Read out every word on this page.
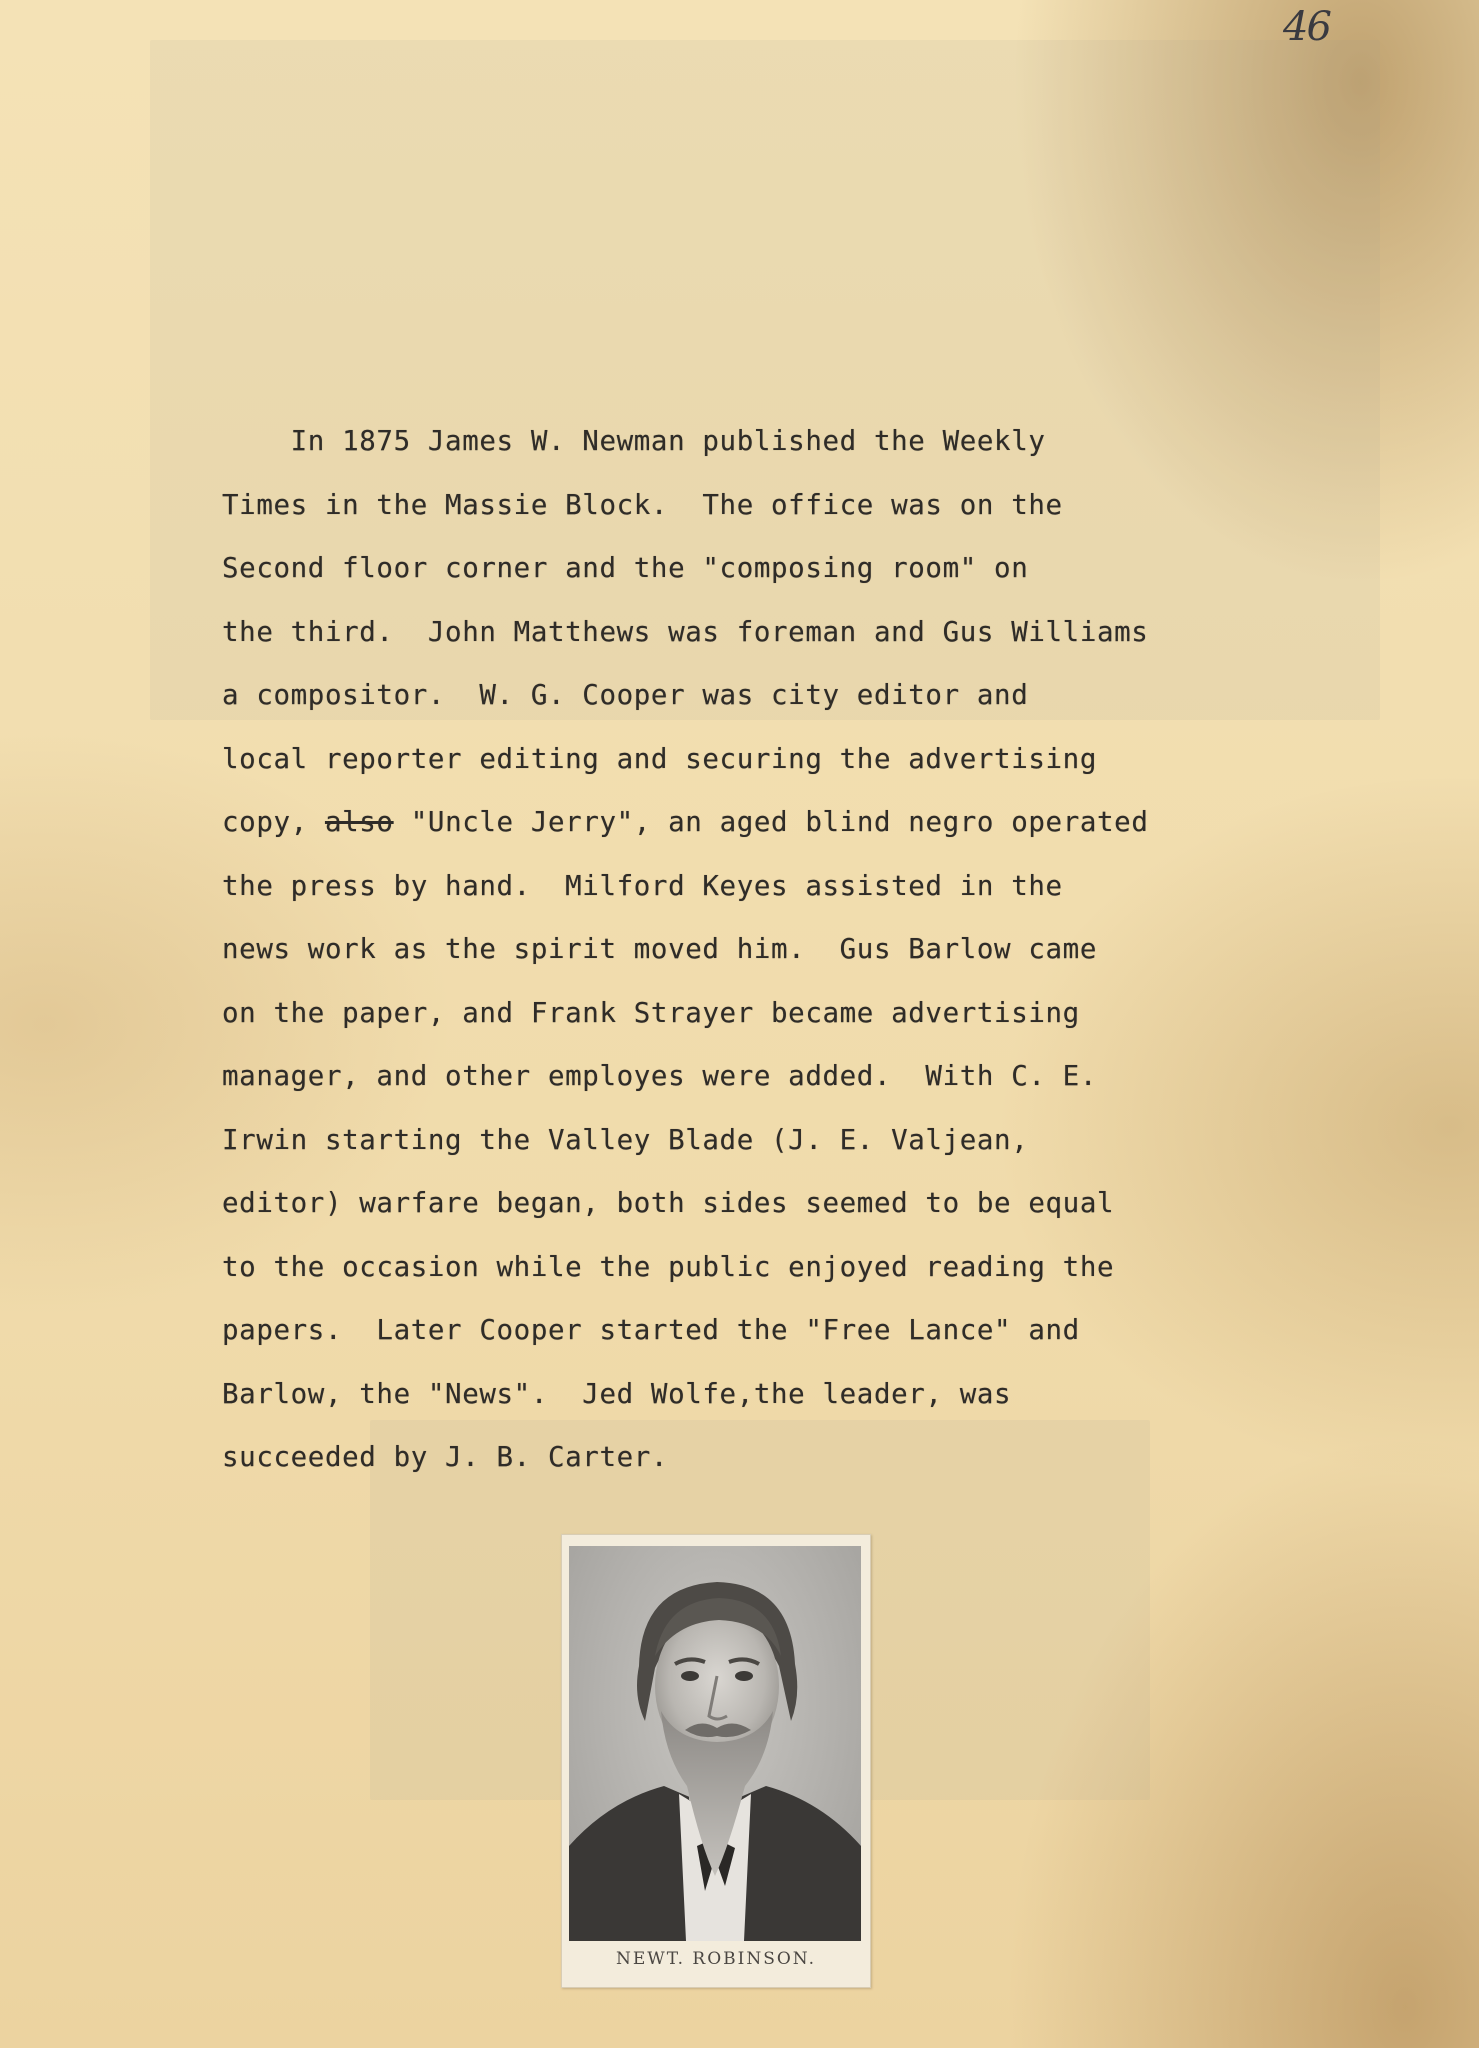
46
In 1875 James W. Newman published the Weekly
Times in the Massie Block.  The office was on the
Second floor corner and the "composing room" on
the third.  John Matthews was foreman and Gus Williams
a compositor.  W. G. Cooper was city editor and
local reporter editing and securing the advertising
copy, also "Uncle Jerry", an aged blind negro operated
the press by hand.  Milford Keyes assisted in the
news work as the spirit moved him.  Gus Barlow came
on the paper, and Frank Strayer became advertising
manager, and other employes were added.  With C. E.
Irwin starting the Valley Blade (J. E. Valjean,
editor) warfare began, both sides seemed to be equal
to the occasion while the public enjoyed reading the
papers.  Later Cooper started the "Free Lance" and
Barlow, the "News".  Jed Wolfe,the leader, was
succeeded by J. B. Carter.
NEWT. ROBINSON.
